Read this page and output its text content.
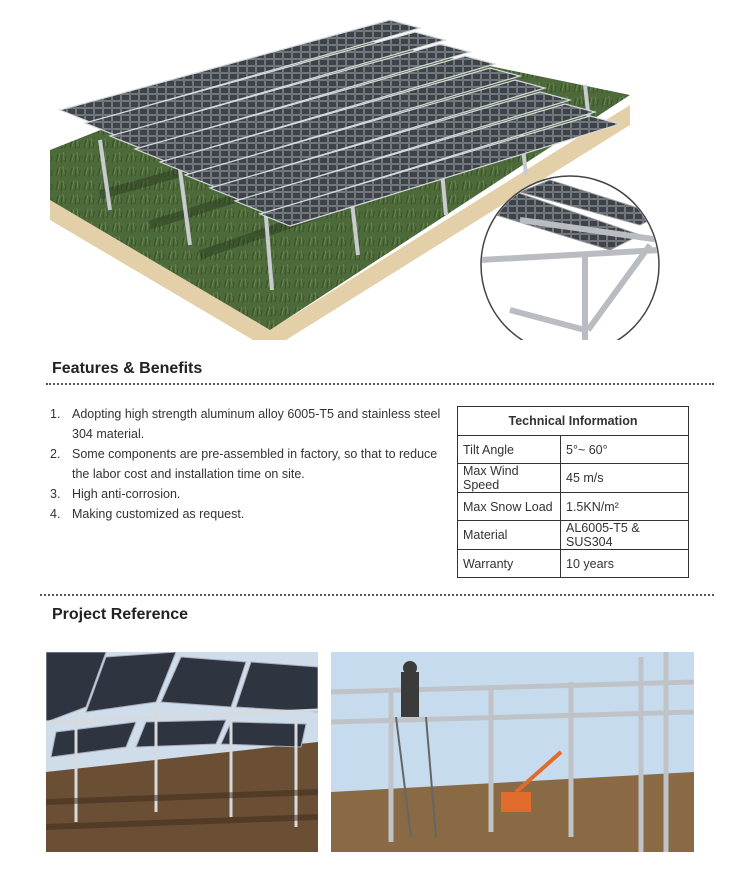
Features & Benefits
1. Adopting high strength aluminum alloy 6005-T5 and stainless steel 304 material.
2. Some components are pre-assembled in factory, so that to reduce the labor cost and installation time on site.
3. High anti-corrosion.
4. Making customized as request.
Technical Information	
Tilt Angle	5°~ 60°
Max Wind Speed	45 m/s
Max Snow Load	1.5KN/m²
Material	AL6005-T5 & SUS304
Warranty	10 years
Project Reference
